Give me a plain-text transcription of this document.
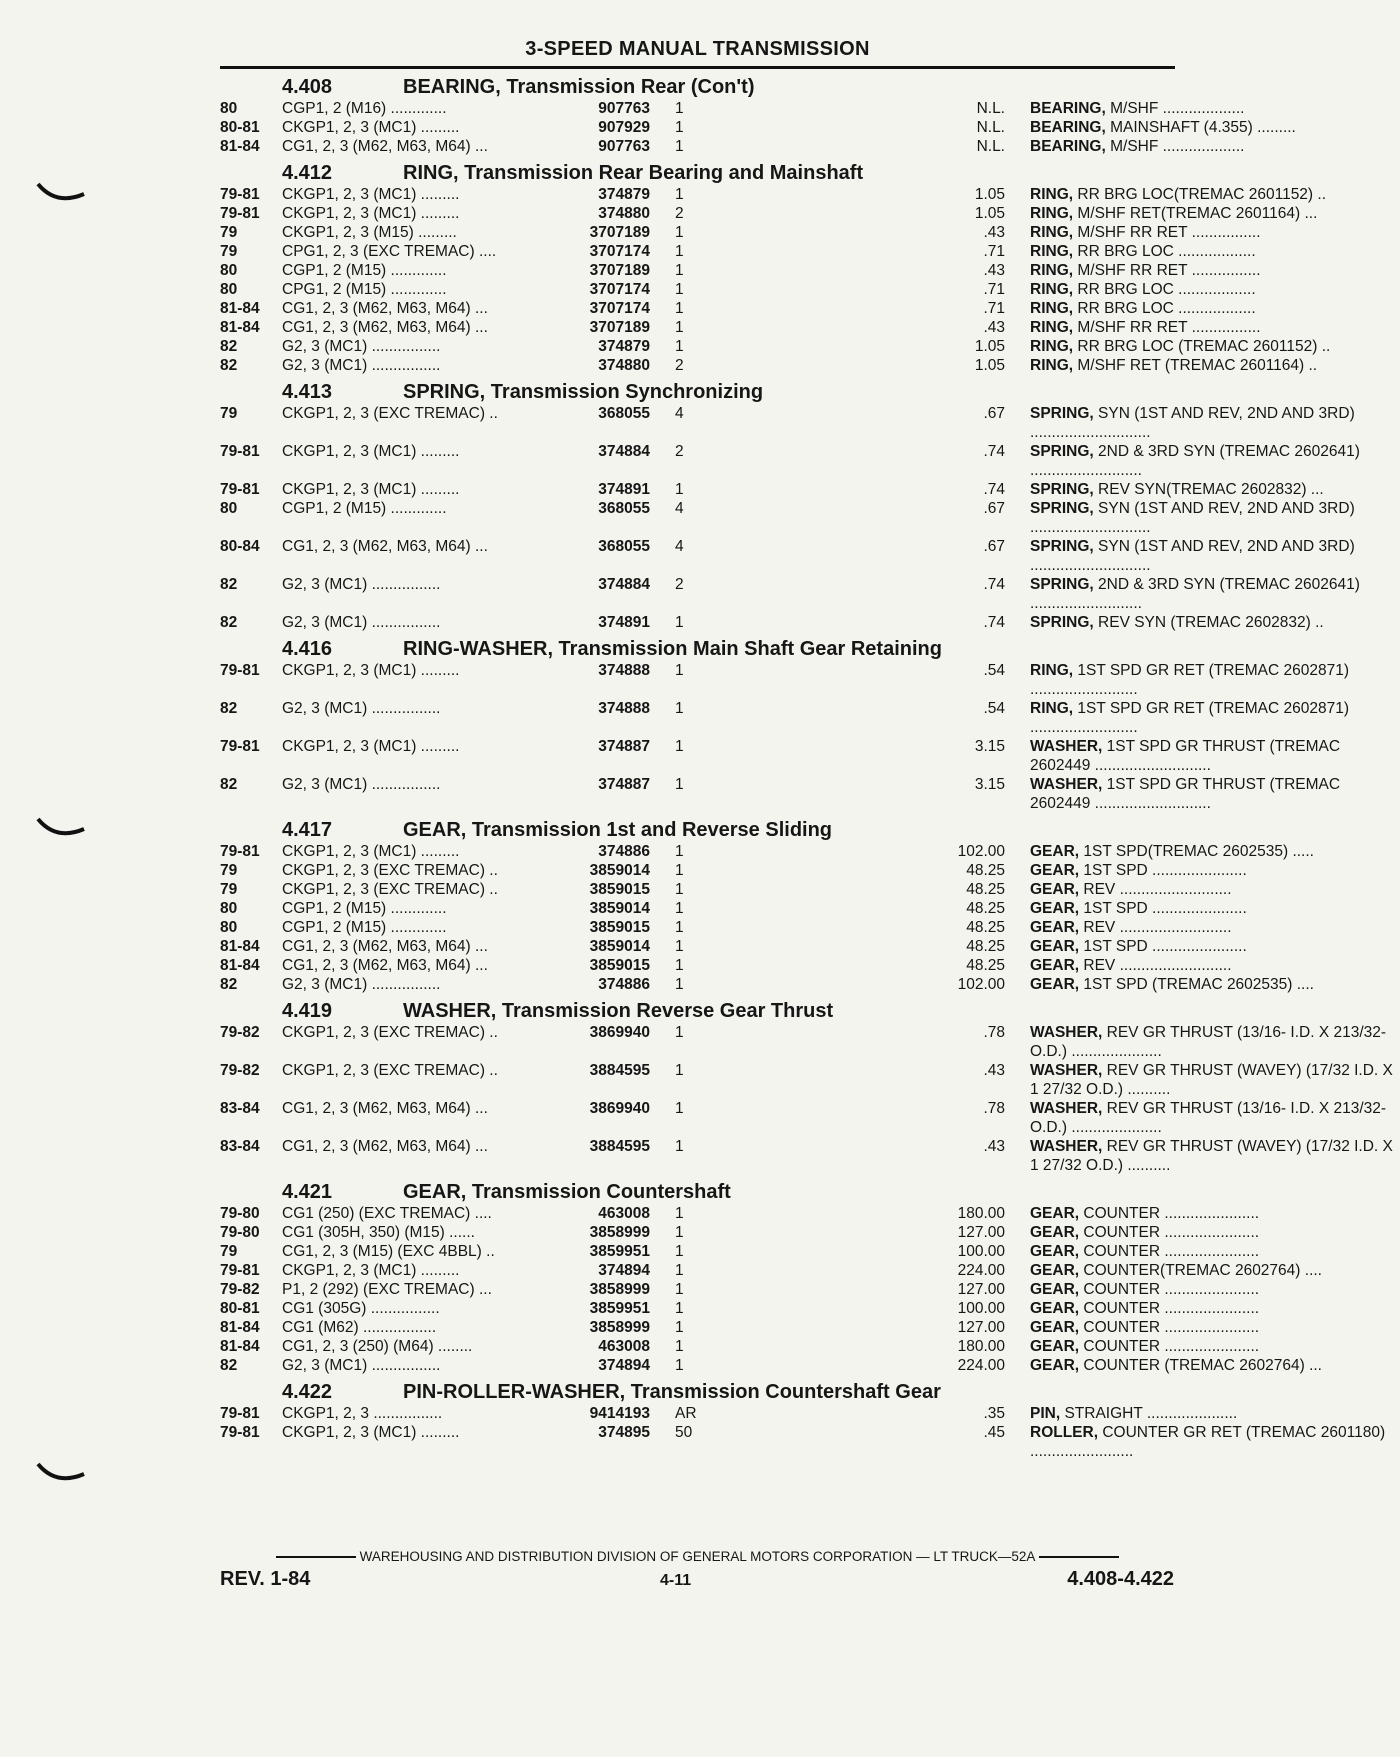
3-SPEED MANUAL TRANSMISSION
4.408	BEARING, Transmission Rear (Con't)
80	CGP1, 2 (M16) .............	907763 1	N.L. BEARING, M/SHF ...................
80-81	CKGP1, 2, 3 (MC1) .........	907929 1	N.L. BEARING, MAINSHAFT (4.355) .........
81-84	CG1, 2, 3 (M62, M63, M64) ...	907763 1	N.L. BEARING, M/SHF ...................
4.412	RING, Transmission Rear Bearing and Mainshaft
79-81	CKGP1, 2, 3 (MC1) .........	374879 1	1.05 RING, RR BRG LOC(TREMAC 2601152) ..
79-81	CKGP1, 2, 3 (MC1) .........	374880 2	1.05 RING, M/SHF RET(TREMAC 2601164) ...
79	CKGP1, 2, 3 (M15) .........	3707189 1	.43 RING, M/SHF RR RET ................
79	CPG1, 2, 3 (EXC TREMAC) ....	3707174 1	.71 RING, RR BRG LOC ..................
80	CGP1, 2 (M15) .............	3707189 1	.43 RING, M/SHF RR RET ................
80	CPG1, 2 (M15) .............	3707174 1	.71 RING, RR BRG LOC ..................
81-84	CG1, 2, 3 (M62, M63, M64) ...	3707174 1	.71 RING, RR BRG LOC ..................
81-84	CG1, 2, 3 (M62, M63, M64) ...	3707189 1	.43 RING, M/SHF RR RET ................
82	G2, 3 (MC1) ................	374879 1	1.05 RING, RR BRG LOC (TREMAC 2601152) ..
82	G2, 3 (MC1) ................	374880 2	1.05 RING, M/SHF RET (TREMAC 2601164) ..
4.413	SPRING, Transmission Synchronizing
79	CKGP1, 2, 3 (EXC TREMAC) ..	368055 4	.67 SPRING, SYN (1ST AND REV, 2ND AND 3RD) ............................
79-81	CKGP1, 2, 3 (MC1) .........	374884 2	.74 SPRING, 2ND & 3RD SYN (TREMAC 2602641) ..........................
79-81	CKGP1, 2, 3 (MC1) .........	374891 1	.74 SPRING, REV SYN(TREMAC 2602832) ...
80	CGP1, 2 (M15) .............	368055 4	.67 SPRING, SYN (1ST AND REV, 2ND AND 3RD) ............................
80-84	CG1, 2, 3 (M62, M63, M64) ...	368055 4	.67 SPRING, SYN (1ST AND REV, 2ND AND 3RD) ............................
82	G2, 3 (MC1) ................	374884 2	.74 SPRING, 2ND & 3RD SYN (TREMAC 2602641) ..........................
82	G2, 3 (MC1) ................	374891 1	.74 SPRING, REV SYN (TREMAC 2602832) ..
4.416	RING-WASHER, Transmission Main Shaft Gear Retaining
79-81	CKGP1, 2, 3 (MC1) .........	374888 1	.54 RING, 1ST SPD GR RET (TREMAC 2602871) .........................
82	G2, 3 (MC1) ................	374888 1	.54 RING, 1ST SPD GR RET (TREMAC 2602871) .........................
79-81	CKGP1, 2, 3 (MC1) .........	374887 1	3.15 WASHER, 1ST SPD GR THRUST (TREMAC 2602449 ...........................
82	G2, 3 (MC1) ................	374887 1	3.15 WASHER, 1ST SPD GR THRUST (TREMAC 2602449 ...........................
4.417	GEAR, Transmission 1st and Reverse Sliding
79-81	CKGP1, 2, 3 (MC1) .........	374886 1	102.00 GEAR, 1ST SPD(TREMAC 2602535) .....
79	CKGP1, 2, 3 (EXC TREMAC) ..	3859014 1	48.25 GEAR, 1ST SPD ......................
79	CKGP1, 2, 3 (EXC TREMAC) ..	3859015 1	48.25 GEAR, REV ..........................
80	CGP1, 2 (M15) .............	3859014 1	48.25 GEAR, 1ST SPD ......................
80	CGP1, 2 (M15) .............	3859015 1	48.25 GEAR, REV ..........................
81-84	CG1, 2, 3 (M62, M63, M64) ...	3859014 1	48.25 GEAR, 1ST SPD ......................
81-84	CG1, 2, 3 (M62, M63, M64) ...	3859015 1	48.25 GEAR, REV ..........................
82	G2, 3 (MC1) ................	374886 1	102.00 GEAR, 1ST SPD (TREMAC 2602535) ....
4.419	WASHER, Transmission Reverse Gear Thrust
79-82	CKGP1, 2, 3 (EXC TREMAC) ..	3869940 1	.78 WASHER, REV GR THRUST (13/16- I.D. X 213/32- O.D.) .....................
79-82	CKGP1, 2, 3 (EXC TREMAC) ..	3884595 1	.43 WASHER, REV GR THRUST (WAVEY) (17/32 I.D. X 1 27/32 O.D.) ..........
83-84	CG1, 2, 3 (M62, M63, M64) ...	3869940 1	.78 WASHER, REV GR THRUST (13/16- I.D. X 213/32- O.D.) .....................
83-84	CG1, 2, 3 (M62, M63, M64) ...	3884595 1	.43 WASHER, REV GR THRUST (WAVEY) (17/32 I.D. X 1 27/32 O.D.) ..........
4.421	GEAR, Transmission Countershaft
79-80	CG1 (250) (EXC TREMAC) ....	463008 1	180.00 GEAR, COUNTER ......................
79-80	CG1 (305H, 350) (M15) ......	3858999 1	127.00 GEAR, COUNTER ......................
79	CG1, 2, 3 (M15) (EXC 4BBL) ..	3859951 1	100.00 GEAR, COUNTER ......................
79-81	CKGP1, 2, 3 (MC1) .........	374894 1	224.00 GEAR, COUNTER(TREMAC 2602764) ....
79-82	P1, 2 (292) (EXC TREMAC) ...	3858999 1	127.00 GEAR, COUNTER ......................
80-81	CG1 (305G) ................	3859951 1	100.00 GEAR, COUNTER ......................
81-84	CG1 (M62) .................	3858999 1	127.00 GEAR, COUNTER ......................
81-84	CG1, 2, 3 (250) (M64) ........	463008 1	180.00 GEAR, COUNTER ......................
82	G2, 3 (MC1) ................	374894 1	224.00 GEAR, COUNTER (TREMAC 2602764) ...
4.422	PIN-ROLLER-WASHER, Transmission Countershaft Gear
79-81	CKGP1, 2, 3 ................	9414193 AR	.35 PIN, STRAIGHT .....................
79-81	CKGP1, 2, 3 (MC1) .........	374895 50	.45 ROLLER, COUNTER GR RET (TREMAC 2601180) ........................
WAREHOUSING AND DISTRIBUTION DIVISION OF GENERAL MOTORS CORPORATION — LT TRUCK—52A
REV. 1-84	4-11	4.408-4.422
